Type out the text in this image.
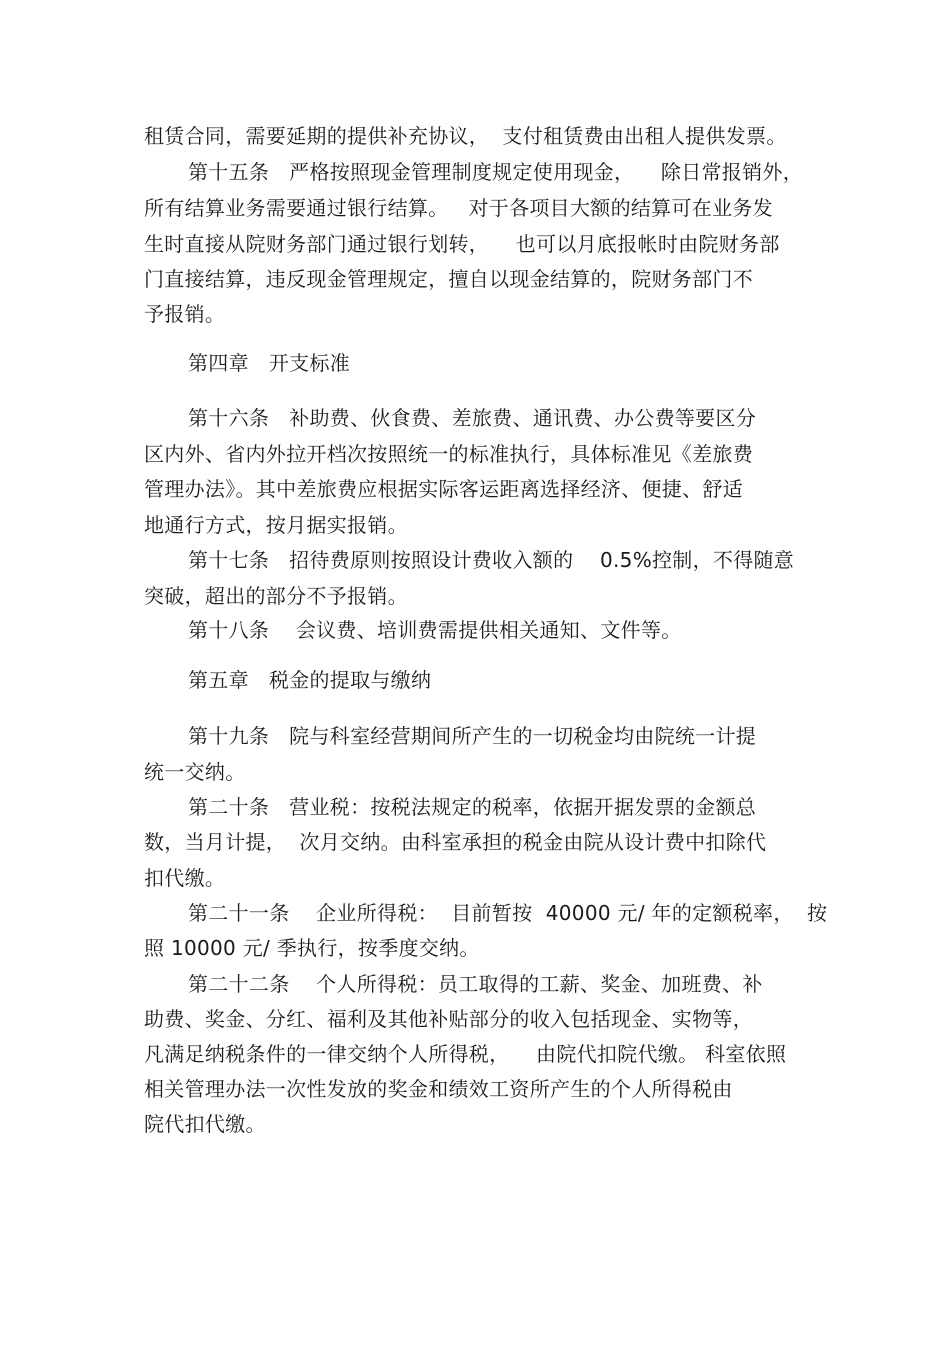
租赁合同，需要延期的提供补充协议，  支付租赁费由出租人提供发票。
第十五条   严格按照现金管理制度规定使用现金，    除日常报销外，
所有结算业务需要通过银行结算。   对于各项目大额的结算可在业务发
生时直接从院财务部门通过银行划转，    也可以月底报帐时由院财务部
门直接结算，违反现金管理规定，擅自以现金结算的，院财务部门不
予报销。
第四章   开支标准
第十六条   补助费、伙食费、差旅费、通讯费、办公费等要区分
区内外、省内外拉开档次按照统一的标准执行，具体标准见《差旅费
管理办法》。其中差旅费应根据实际客运距离选择经济、便捷、舒适
地通行方式，按月据实报销。
第十七条   招待费原则按照设计费收入额的    0.5%控制，不得随意
突破，超出的部分不予报销。
第十八条    会议费、培训费需提供相关通知、文件等。
第五章   税金的提取与缴纳
第十九条   院与科室经营期间所产生的一切税金均由院统一计提
统一交纳。
第二十条   营业税：按税法规定的税率，依据开据发票的金额总
数，当月计提，  次月交纳。由科室承担的税金由院从设计费中扣除代
扣代缴。
第二十一条    企业所得税：  目前暂按  40000 元/ 年的定额税率，  按
照 10000 元/ 季执行，按季度交纳。
第二十二条    个人所得税：员工取得的工薪、奖金、加班费、补
助费、奖金、分红、福利及其他补贴部分的收入包括现金、实物等，
凡满足纳税条件的一律交纳个人所得税，    由院代扣院代缴。 科室依照
相关管理办法一次性发放的奖金和绩效工资所产生的个人所得税由
院代扣代缴。
